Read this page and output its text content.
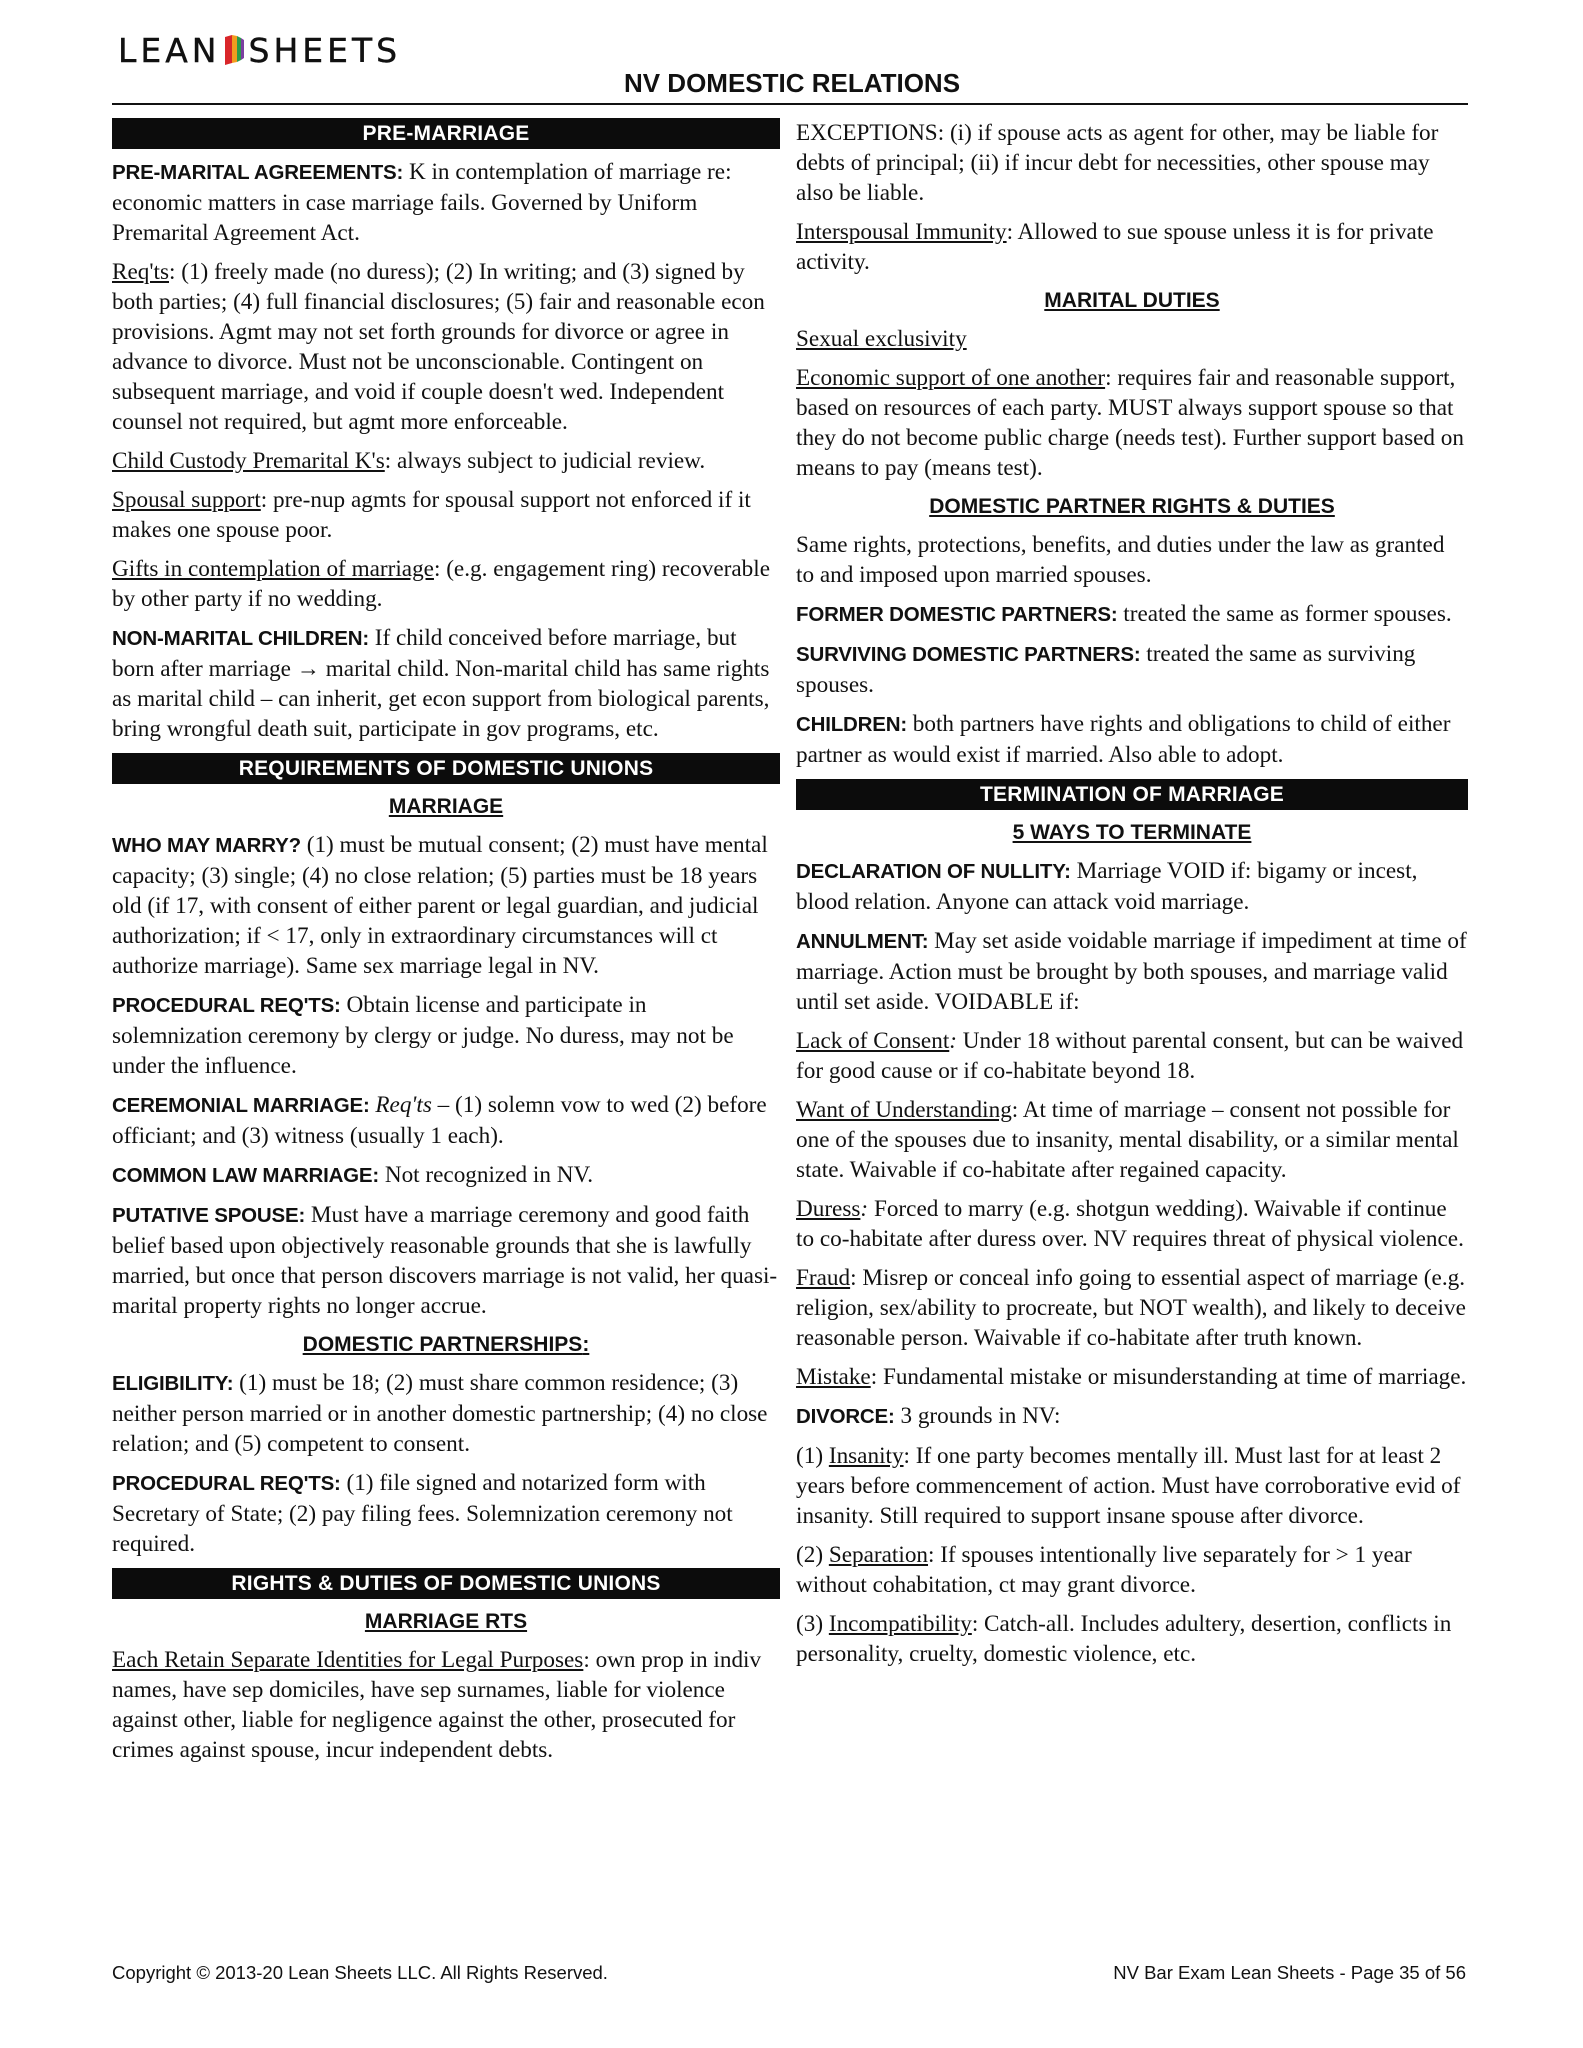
LEAN SHEETS
NV DOMESTIC RELATIONS
PRE-MARRIAGE
PRE-MARITAL AGREEMENTS: K in contemplation of marriage re: economic matters in case marriage fails. Governed by Uniform Premarital Agreement Act.
Req'ts: (1) freely made (no duress); (2) In writing; and (3) signed by both parties; (4) full financial disclosures; (5) fair and reasonable econ provisions. Agmt may not set forth grounds for divorce or agree in advance to divorce. Must not be unconscionable. Contingent on subsequent marriage, and void if couple doesn't wed. Independent counsel not required, but agmt more enforceable.
Child Custody Premarital K's: always subject to judicial review.
Spousal support: pre-nup agmts for spousal support not enforced if it makes one spouse poor.
Gifts in contemplation of marriage: (e.g. engagement ring) recoverable by other party if no wedding.
NON-MARITAL CHILDREN: If child conceived before marriage, but born after marriage → marital child. Non-marital child has same rights as marital child – can inherit, get econ support from biological parents, bring wrongful death suit, participate in gov programs, etc.
REQUIREMENTS OF DOMESTIC UNIONS
MARRIAGE
WHO MAY MARRY? (1) must be mutual consent; (2) must have mental capacity; (3) single; (4) no close relation; (5) parties must be 18 years old (if 17, with consent of either parent or legal guardian, and judicial authorization; if < 17, only in extraordinary circumstances will ct authorize marriage). Same sex marriage legal in NV.
PROCEDURAL REQ'TS: Obtain license and participate in solemnization ceremony by clergy or judge. No duress, may not be under the influence.
CEREMONIAL MARRIAGE: Req'ts – (1) solemn vow to wed (2) before officiant; and (3) witness (usually 1 each).
COMMON LAW MARRIAGE: Not recognized in NV.
PUTATIVE SPOUSE: Must have a marriage ceremony and good faith belief based upon objectively reasonable grounds that she is lawfully married, but once that person discovers marriage is not valid, her quasi-marital property rights no longer accrue.
DOMESTIC PARTNERSHIPS:
ELIGIBILITY: (1) must be 18; (2) must share common residence; (3) neither person married or in another domestic partnership; (4) no close relation; and (5) competent to consent.
PROCEDURAL REQ'TS: (1) file signed and notarized form with Secretary of State; (2) pay filing fees. Solemnization ceremony not required.
RIGHTS & DUTIES OF DOMESTIC UNIONS
MARRIAGE RTS
Each Retain Separate Identities for Legal Purposes: own prop in indiv names, have sep domiciles, have sep surnames, liable for violence against other, liable for negligence against the other, prosecuted for crimes against spouse, incur independent debts.
EXCEPTIONS: (i) if spouse acts as agent for other, may be liable for debts of principal; (ii) if incur debt for necessities, other spouse may also be liable.
Interspousal Immunity: Allowed to sue spouse unless it is for private activity.
MARITAL DUTIES
Sexual exclusivity
Economic support of one another: requires fair and reasonable support, based on resources of each party. MUST always support spouse so that they do not become public charge (needs test). Further support based on means to pay (means test).
DOMESTIC PARTNER RIGHTS & DUTIES
Same rights, protections, benefits, and duties under the law as granted to and imposed upon married spouses.
FORMER DOMESTIC PARTNERS: treated the same as former spouses.
SURVIVING DOMESTIC PARTNERS: treated the same as surviving spouses.
CHILDREN: both partners have rights and obligations to child of either partner as would exist if married. Also able to adopt.
TERMINATION OF MARRIAGE
5 WAYS TO TERMINATE
DECLARATION OF NULLITY: Marriage VOID if: bigamy or incest, blood relation. Anyone can attack void marriage.
ANNULMENT: May set aside voidable marriage if impediment at time of marriage. Action must be brought by both spouses, and marriage valid until set aside. VOIDABLE if:
Lack of Consent: Under 18 without parental consent, but can be waived for good cause or if co-habitate beyond 18.
Want of Understanding: At time of marriage – consent not possible for one of the spouses due to insanity, mental disability, or a similar mental state. Waivable if co-habitate after regained capacity.
Duress: Forced to marry (e.g. shotgun wedding). Waivable if continue to co-habitate after duress over. NV requires threat of physical violence.
Fraud: Misrep or conceal info going to essential aspect of marriage (e.g. religion, sex/ability to procreate, but NOT wealth), and likely to deceive reasonable person. Waivable if co-habitate after truth known.
Mistake: Fundamental mistake or misunderstanding at time of marriage.
DIVORCE: 3 grounds in NV:
(1) Insanity: If one party becomes mentally ill. Must last for at least 2 years before commencement of action. Must have corroborative evid of insanity. Still required to support insane spouse after divorce.
(2) Separation: If spouses intentionally live separately for > 1 year without cohabitation, ct may grant divorce.
(3) Incompatibility: Catch-all. Includes adultery, desertion, conflicts in personality, cruelty, domestic violence, etc.
Copyright © 2013-20 Lean Sheets LLC. All Rights Reserved.	NV Bar Exam Lean Sheets - Page 35 of 56
